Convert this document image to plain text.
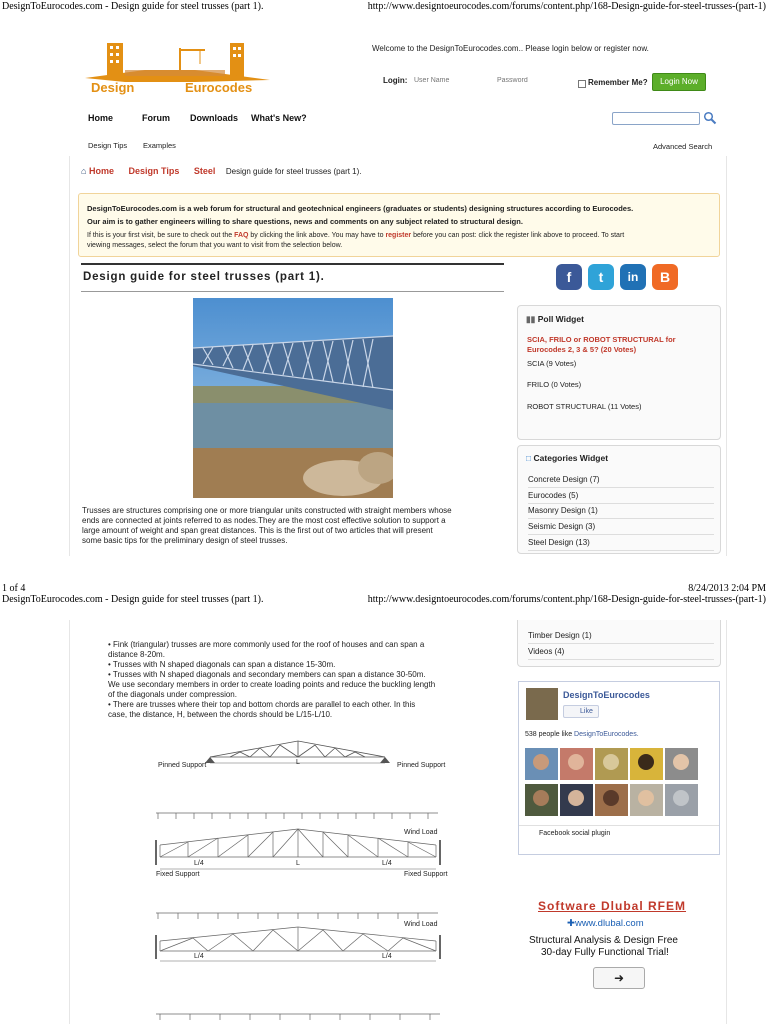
DesignToEurocodes.com - Design guide for steel trusses (part 1).	http://www.designtoeurocodes.com/forums/content.php/168-Design-guide-for-steel-trusses-(part-1)
Design	Eurocodes
Welcome to the DesignToEurocodes.com.. Please login below or register now.
Login:
User Name
Password	Remember Me?	Login Now
Home	Forum Downloads What's New?
Design Tips Examples	Advanced Search
⌂ Home Design Tips Steel Design guide for steel trusses (part 1).
DesignToEurocodes.com is a web forum for structural and geotechnical engineers (graduates or students) designing structures according to Eurocodes.
Our aim is to gather engineers willing to share questions, news and comments on any subject related to structural design.

If this is your first visit, be sure to check out the FAQ by clicking the link above. You may have to register before you can post: click the register link above to proceed. To start

viewing messages, select the forum that you want to visit from the selection below.

Design guide for steel trusses (part 1).
Trusses are structures comprising one or more triangular units constructed with straight members whose
ends are connected at joints referred to as nodes.They are the most cost effective solution to support a
large amount of weight and span great distances. This is the first out of two articles that will present
some basic tips for the preliminary design of steel trusses.
f	t	in	B
▮▮ Poll Widget
SCIA, FRILO or ROBOT STRUCTURAL for
Eurocodes 2, 3 & 5? (20 Votes)
SCIA (9 Votes)
FRILO (0 Votes)
ROBOT STRUCTURAL (11 Votes)
□ Categories Widget
Concrete Design (7)
Eurocodes (5)
Masonry Design (1)
Seismic Design (3)
Steel Design (13)
1 of 4	8/24/2013 2:04 PM
DesignToEurocodes.com - Design guide for steel trusses (part 1).	http://www.designtoeurocodes.com/forums/content.php/168-Design-guide-for-steel-trusses-(part-1)
• Fink (triangular) trusses are more commonly used for the roof of houses and can span a
distance 8-20m.
• Trusses with N shaped diagonals can span a distance 15-30m.
• Trusses with N shaped diagonals and secondary members can span a distance 30-50m.
We use secondary members in order to create loading points and reduce the buckling length
of the diagonals under compression.
• There are trusses where their top and bottom chords are parallel to each other. In this
case, the distance, H, between the chords should be L/15-L/10.
Pinned Support	Pinned Support
L
Wind Load
Fixed Support	Fixed Support
L/4	L	L/4
Wind Load
L/4	L/4
Timber Design (1)
Videos (4)
DesignToEurocodes
Like
538 people like DesignToEurocodes.
Facebook social plugin
Software Dlubal RFEM
✚www.dlubal.com
Structural Analysis & Design Free
30-day Fully Functional Trial!
➜
